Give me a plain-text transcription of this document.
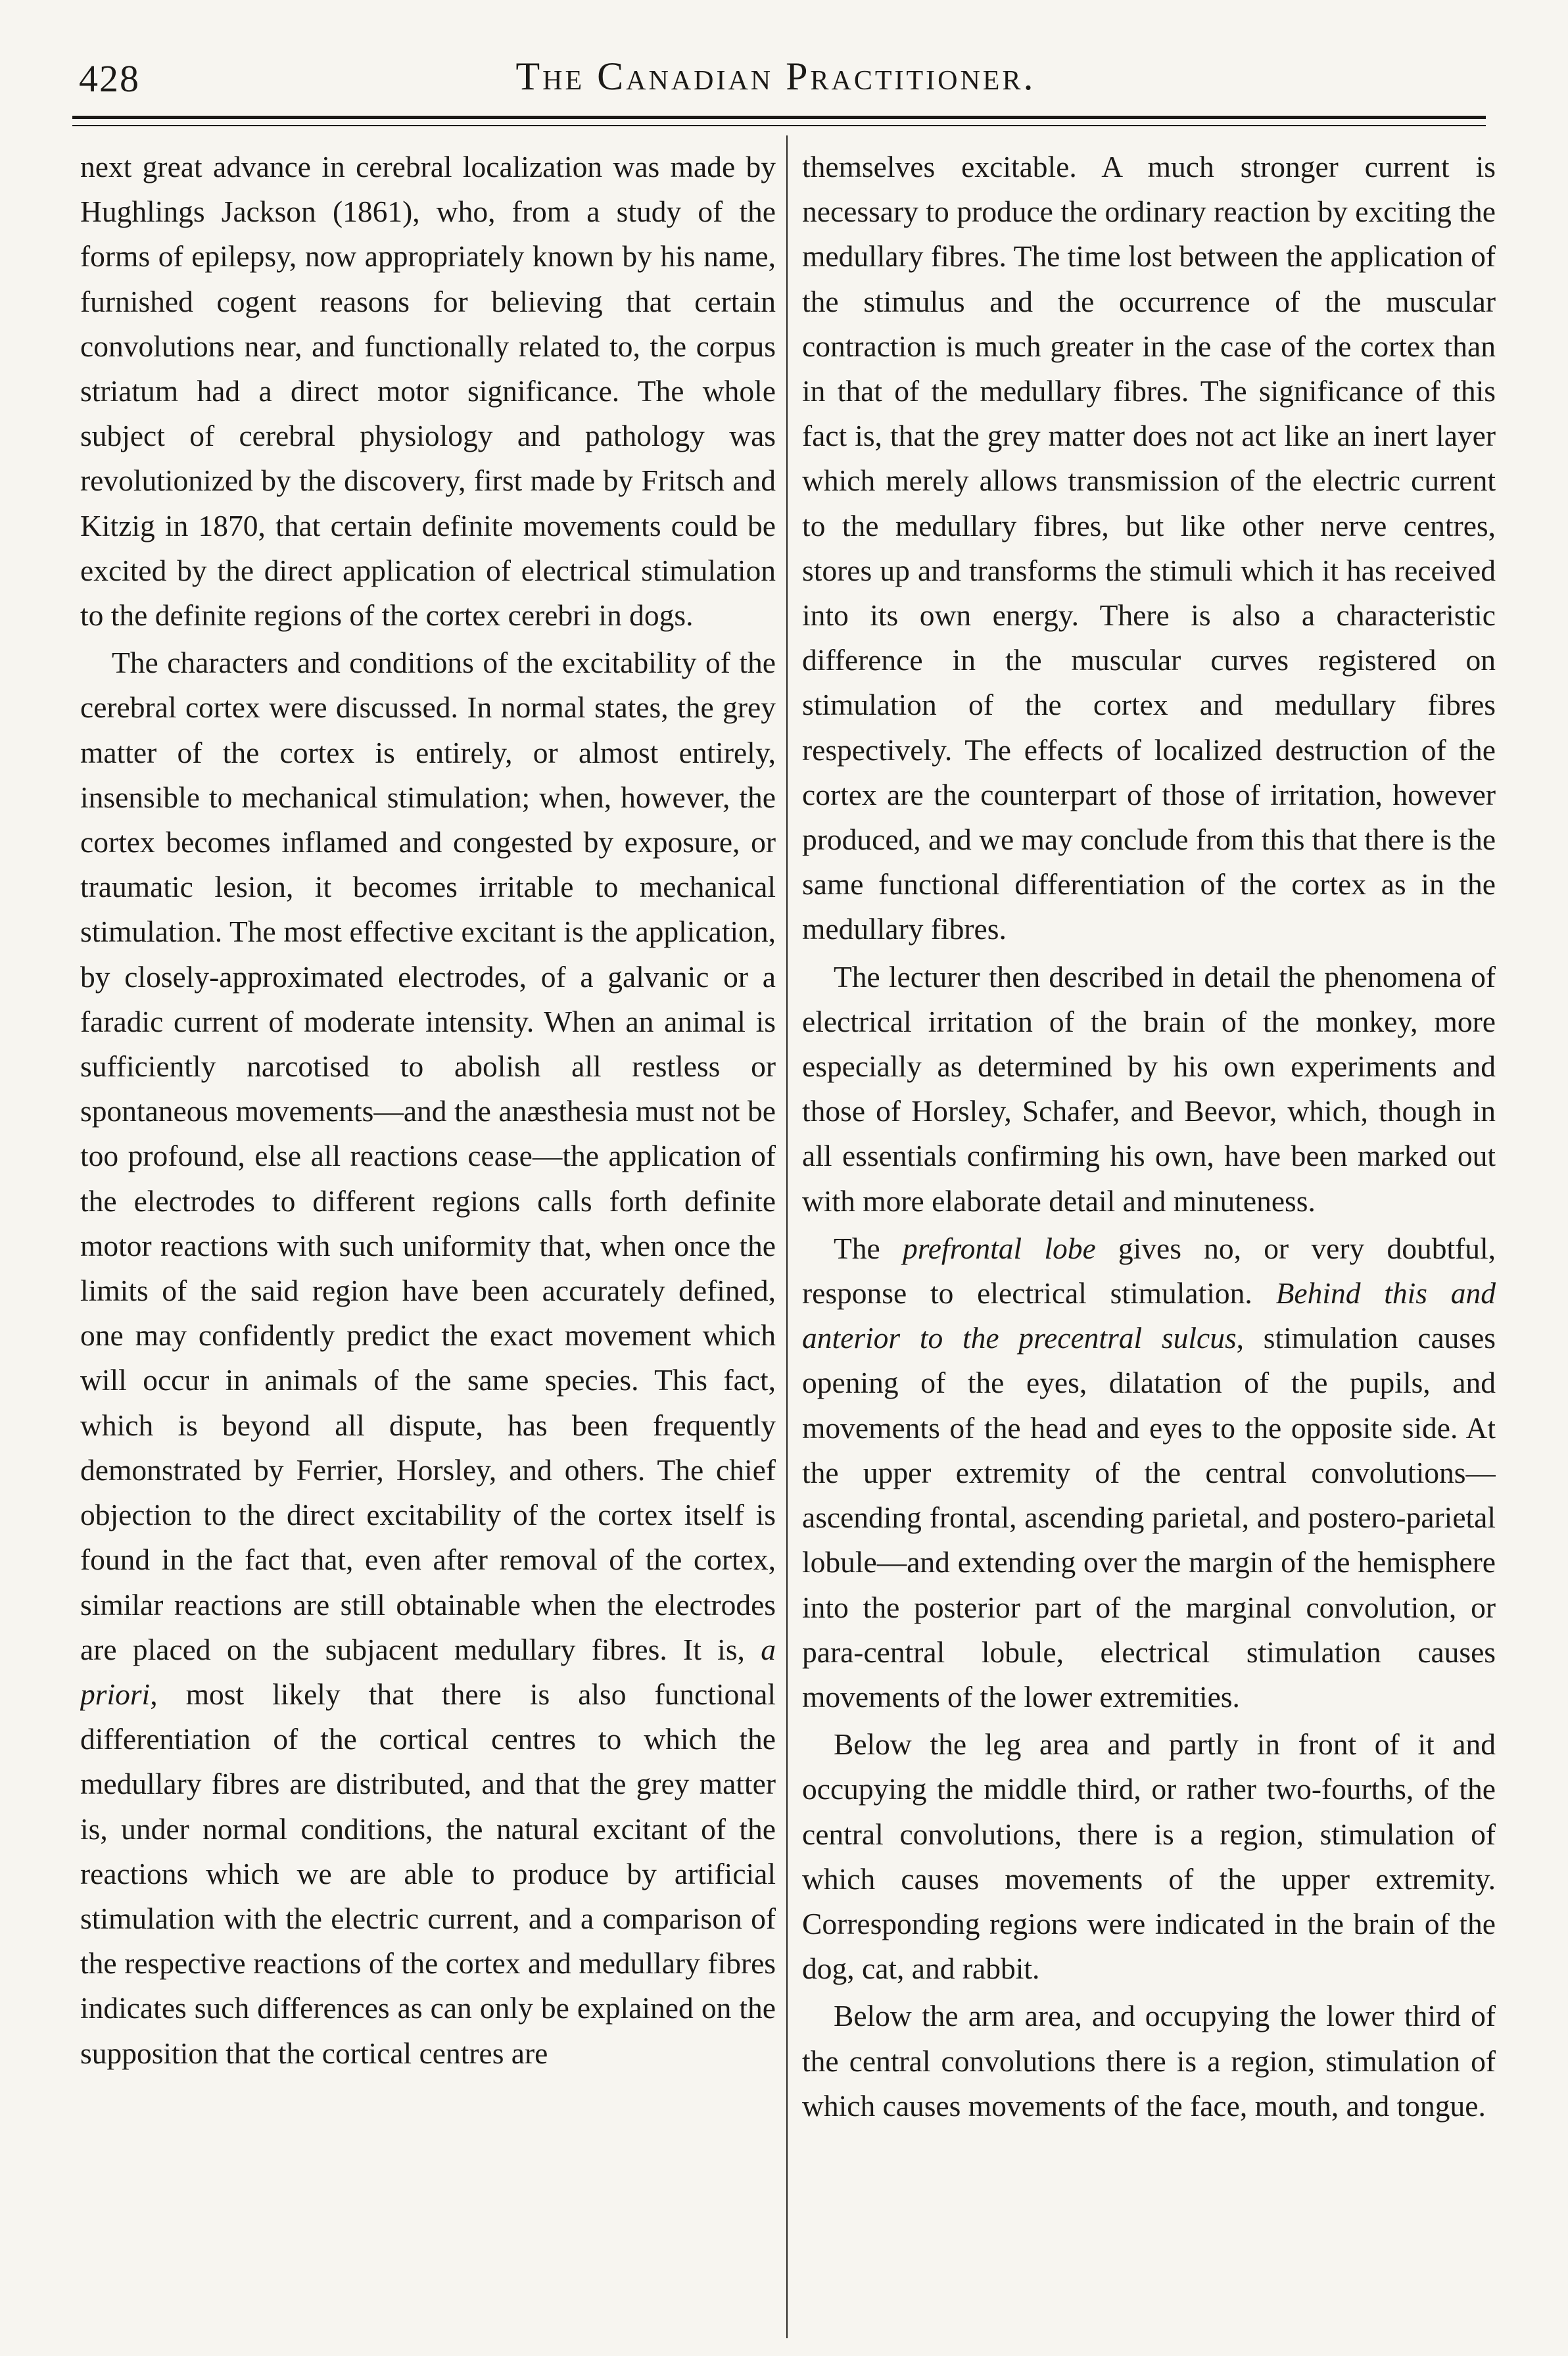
428	The Canadian Practitioner.

next great advance in cerebral localization was made by Hughlings Jackson (1861), who, from a study of the forms of epilepsy, now appropriately known by his name, furnished cogent reasons for believing that certain convolutions near, and functionally related to, the corpus striatum had a direct motor significance. The whole subject of cerebral physiology and pathology was revolutionized by the discovery, first made by Fritsch and Kitzig in 1870, that certain definite movements could be excited by the direct application of electrical stimulation to the definite regions of the cortex cerebri in dogs.

The characters and conditions of the excitability of the cerebral cortex were discussed. In normal states, the grey matter of the cortex is entirely, or almost entirely, insensible to mechanical stimulation; when, however, the cortex becomes inflamed and congested by exposure, or traumatic lesion, it becomes irritable to mechanical stimulation. The most effective excitant is the application, by closely-approximated electrodes, of a galvanic or a faradic current of moderate intensity. When an animal is sufficiently narcotised to abolish all restless or spontaneous movements—and the anæsthesia must not be too profound, else all reactions cease—the application of the electrodes to different regions calls forth definite motor reactions with such uniformity that, when once the limits of the said region have been accurately defined, one may confidently predict the exact movement which will occur in animals of the same species. This fact, which is beyond all dispute, has been frequently demonstrated by Ferrier, Horsley, and others. The chief objection to the direct excitability of the cortex itself is found in the fact that, even after removal of the cortex, similar reactions are still obtainable when the electrodes are placed on the subjacent medullary fibres. It is, a priori, most likely that there is also functional differentiation of the cortical centres to which the medullary fibres are distributed, and that the grey matter is, under normal conditions, the natural excitant of the reactions which we are able to produce by artificial stimulation with the electric current, and a comparison of the respective reactions of the cortex and medullary fibres indicates such differences as can only be explained on the supposition that the cortical centres are

themselves excitable. A much stronger current is necessary to produce the ordinary reaction by exciting the medullary fibres. The time lost between the application of the stimulus and the occurrence of the muscular contraction is much greater in the case of the cortex than in that of the medullary fibres. The significance of this fact is, that the grey matter does not act like an inert layer which merely allows transmission of the electric current to the medullary fibres, but like other nerve centres, stores up and transforms the stimuli which it has received into its own energy. There is also a characteristic difference in the muscular curves registered on stimulation of the cortex and medullary fibres respectively. The effects of localized destruction of the cortex are the counterpart of those of irritation, however produced, and we may conclude from this that there is the same functional differentiation of the cortex as in the medullary fibres.

The lecturer then described in detail the phenomena of electrical irritation of the brain of the monkey, more especially as determined by his own experiments and those of Horsley, Schafer, and Beevor, which, though in all essentials confirming his own, have been marked out with more elaborate detail and minuteness.

The prefrontal lobe gives no, or very doubtful, response to electrical stimulation. Behind this and anterior to the precentral sulcus, stimulation causes opening of the eyes, dilatation of the pupils, and movements of the head and eyes to the opposite side. At the upper extremity of the central convolutions—ascending frontal, ascending parietal, and postero-parietal lobule—and extending over the margin of the hemisphere into the posterior part of the marginal convolution, or para-central lobule, electrical stimulation causes movements of the lower extremities.

Below the leg area and partly in front of it and occupying the middle third, or rather two-fourths, of the central convolutions, there is a region, stimulation of which causes movements of the upper extremity. Corresponding regions were indicated in the brain of the dog, cat, and rabbit.

Below the arm area, and occupying the lower third of the central convolutions there is a region, stimulation of which causes movements of the face, mouth, and tongue.
